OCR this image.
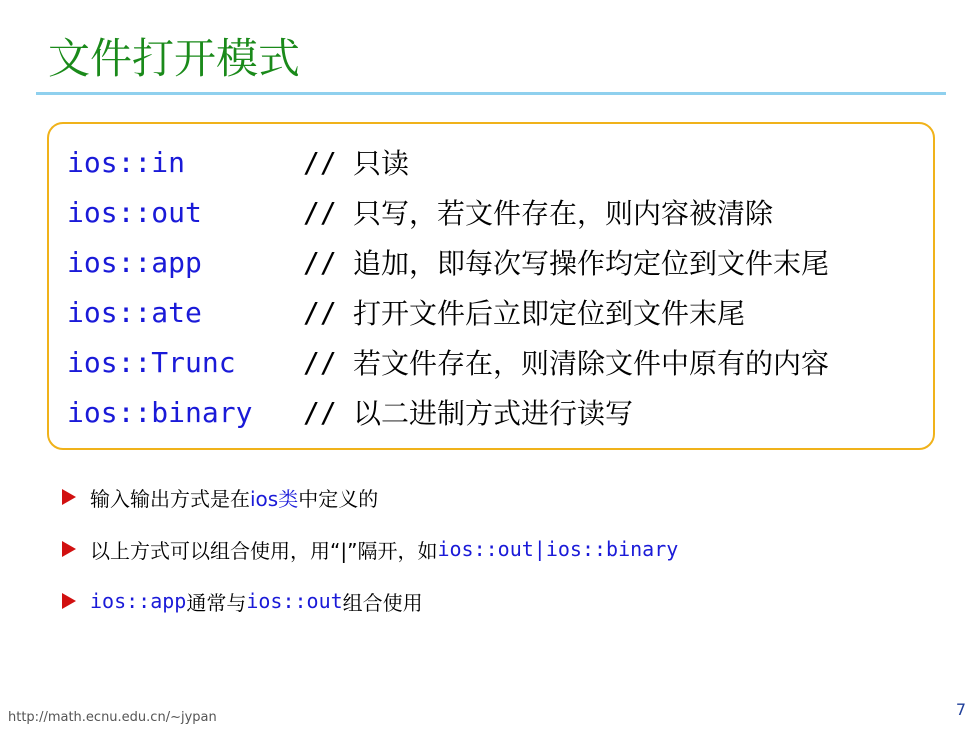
文件打开模式
ios::in	// 只读
ios::out	// 只写，若文件存在，则内容被清除
ios::app	// 追加，即每次写操作均定位到文件末尾
ios::ate	// 打开文件后立即定位到文件末尾
ios::Trunc	// 若文件存在，则清除文件中原有的内容
ios::binary	// 以二进制方式进行读写
输入输出方式是在 ios类 中定义的
以上方式可以组合使用，用“|”隔开，如 ios::out|ios::binary
ios::app 通常与 ios::out 组合使用
http://math.ecnu.edu.cn/~jypan	7
